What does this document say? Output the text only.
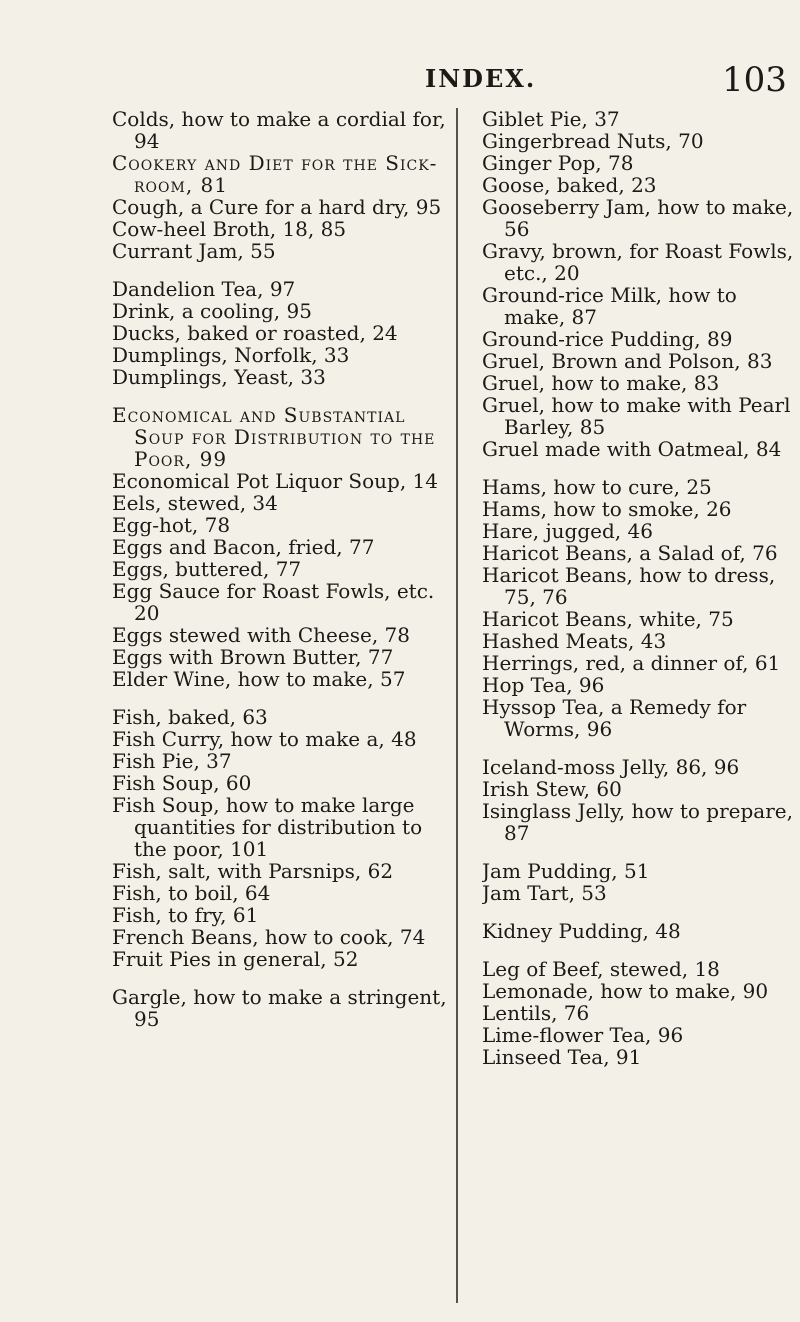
INDEX.	103

Colds, how to make a cordial for, 94

Cookery and Diet for the Sick-room, 81

Cough, a Cure for a hard dry, 95

Cow-heel Broth, 18, 85

Currant Jam, 55

Dandelion Tea, 97

Drink, a cooling, 95

Ducks, baked or roasted, 24

Dumplings, Norfolk, 33

Dumplings, Yeast, 33

Economical and Substantial Soup for Distribution to the Poor, 99

Economical Pot Liquor Soup, 14

Eels, stewed, 34

Egg-hot, 78

Eggs and Bacon, fried, 77

Eggs, buttered, 77

Egg Sauce for Roast Fowls, etc. 20

Eggs stewed with Cheese, 78

Eggs with Brown Butter, 77

Elder Wine, how to make, 57

Fish, baked, 63

Fish Curry, how to make a, 48

Fish Pie, 37

Fish Soup, 60

Fish Soup, how to make large quantities for distribution to the poor, 101

Fish, salt, with Parsnips, 62

Fish, to boil, 64

Fish, to fry, 61

French Beans, how to cook, 74

Fruit Pies in general, 52

Gargle, how to make a stringent, 95

Giblet Pie, 37

Gingerbread Nuts, 70

Ginger Pop, 78

Goose, baked, 23

Gooseberry Jam, how to make, 56

Gravy, brown, for Roast Fowls, etc., 20

Ground-rice Milk, how to make, 87

Ground-rice Pudding, 89

Gruel, Brown and Polson, 83

Gruel, how to make, 83

Gruel, how to make with Pearl Barley, 85

Gruel made with Oatmeal, 84

Hams, how to cure, 25

Hams, how to smoke, 26

Hare, jugged, 46

Haricot Beans, a Salad of, 76

Haricot Beans, how to dress, 75, 76

Haricot Beans, white, 75

Hashed Meats, 43

Herrings, red, a dinner of, 61

Hop Tea, 96

Hyssop Tea, a Remedy for Worms, 96

Iceland-moss Jelly, 86, 96

Irish Stew, 60

Isinglass Jelly, how to prepare, 87

Jam Pudding, 51

Jam Tart, 53

Kidney Pudding, 48

Leg of Beef, stewed, 18

Lemonade, how to make, 90

Lentils, 76

Lime-flower Tea, 96

Linseed Tea, 91
